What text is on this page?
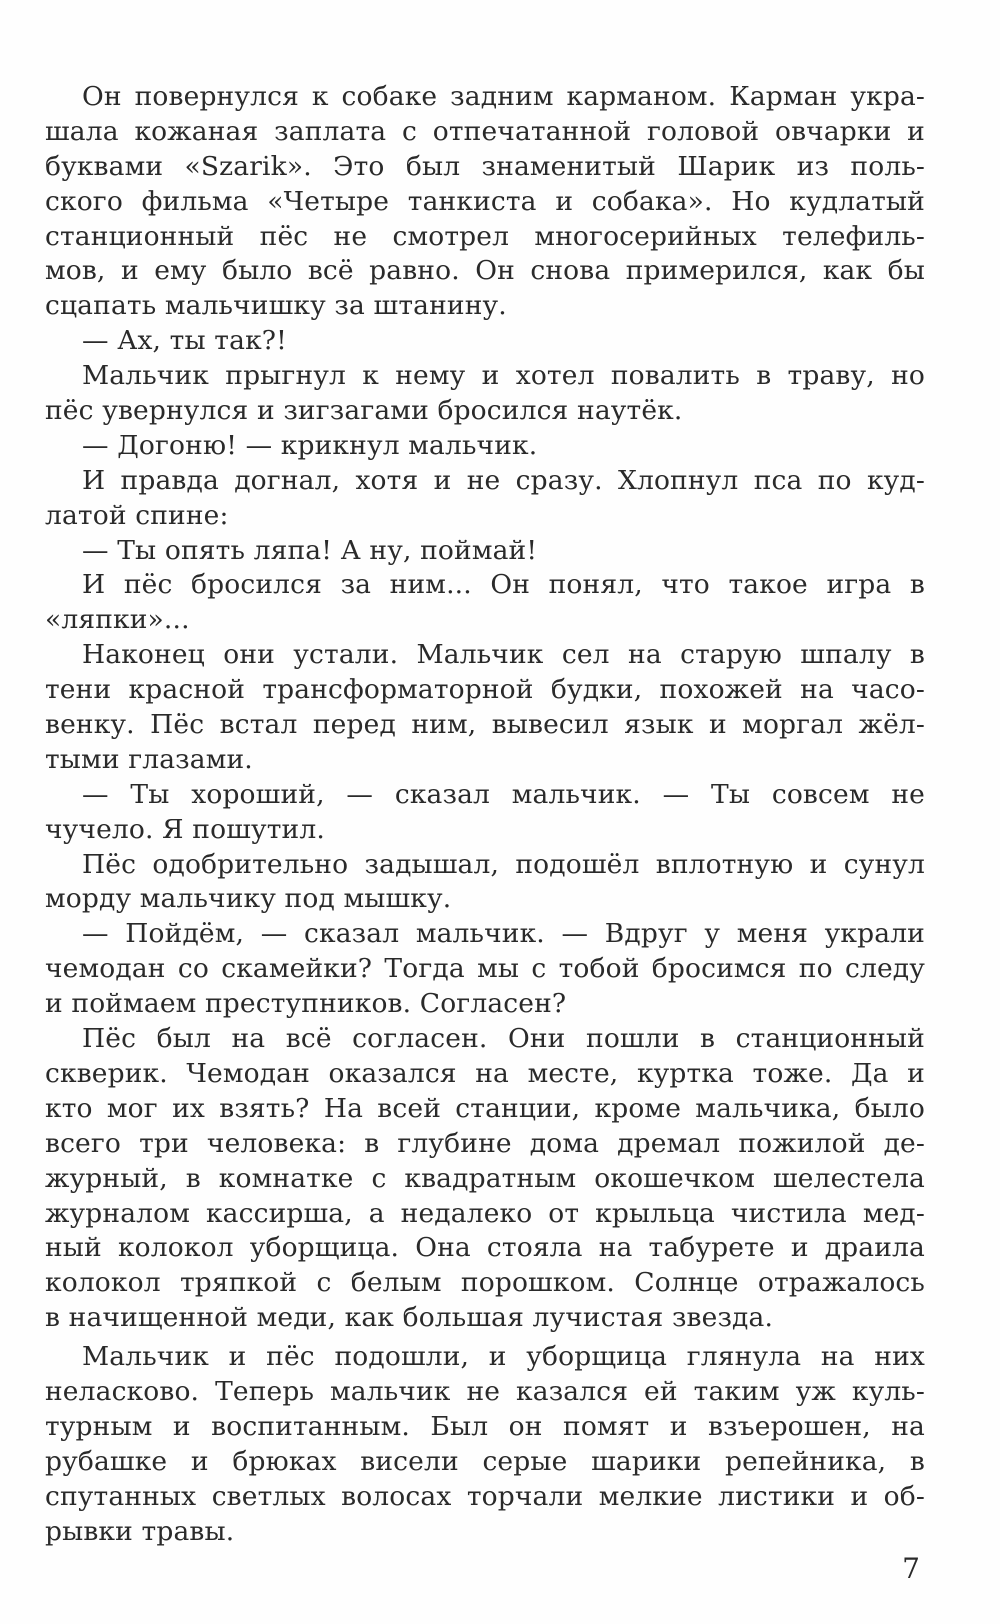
Он повернулся к собаке задним карманом. Карман укра-
шала кожаная заплата с отпечатанной головой овчарки и
буквами «Szarik». Это был знаменитый Шарик из поль-
ского фильма «Четыре танкиста и собака». Но кудлатый
станционный пёс не смотрел многосерийных телефиль-
мов, и ему было всё равно. Он снова примерился, как бы
сцапать мальчишку за штанину.
— Ах, ты так?!
Мальчик прыгнул к нему и хотел повалить в траву, но
пёс увернулся и зигзагами бросился наутёк.
— Догоню! — крикнул мальчик.
И правда догнал, хотя и не сразу. Хлопнул пса по куд-
латой спине:
— Ты опять ляпа! А ну, поймай!
И пёс бросился за ним... Он понял, что такое игра в
«ляпки»...
Наконец они устали. Мальчик сел на старую шпалу в
тени красной трансформаторной будки, похожей на часо-
венку. Пёс встал перед ним, вывесил язык и моргал жёл-
тыми глазами.
— Ты хороший, — сказал мальчик. — Ты совсем не
чучело. Я пошутил.
Пёс одобрительно задышал, подошёл вплотную и сунул
морду мальчику под мышку.
— Пойдём, — сказал мальчик. — Вдруг у меня украли
чемодан со скамейки? Тогда мы с тобой бросимся по следу
и поймаем преступников. Согласен?
Пёс был на всё согласен. Они пошли в станционный
скверик. Чемодан оказался на месте, куртка тоже. Да и
кто мог их взять? На всей станции, кроме мальчика, было
всего три человека: в глубине дома дремал пожилой де-
журный, в комнатке с квадратным окошечком шелестела
журналом кассирша, а недалеко от крыльца чистила мед-
ный колокол уборщица. Она стояла на табурете и драила
колокол тряпкой с белым порошком. Солнце отражалось
в начищенной меди, как большая лучистая звезда.
Мальчик и пёс подошли, и уборщица глянула на них
неласково. Теперь мальчик не казался ей таким уж куль-
турным и воспитанным. Был он помят и взъерошен, на
рубашке и брюках висели серые шарики репейника, в
спутанных светлых волосах торчали мелкие листики и об-
рывки травы.
7
